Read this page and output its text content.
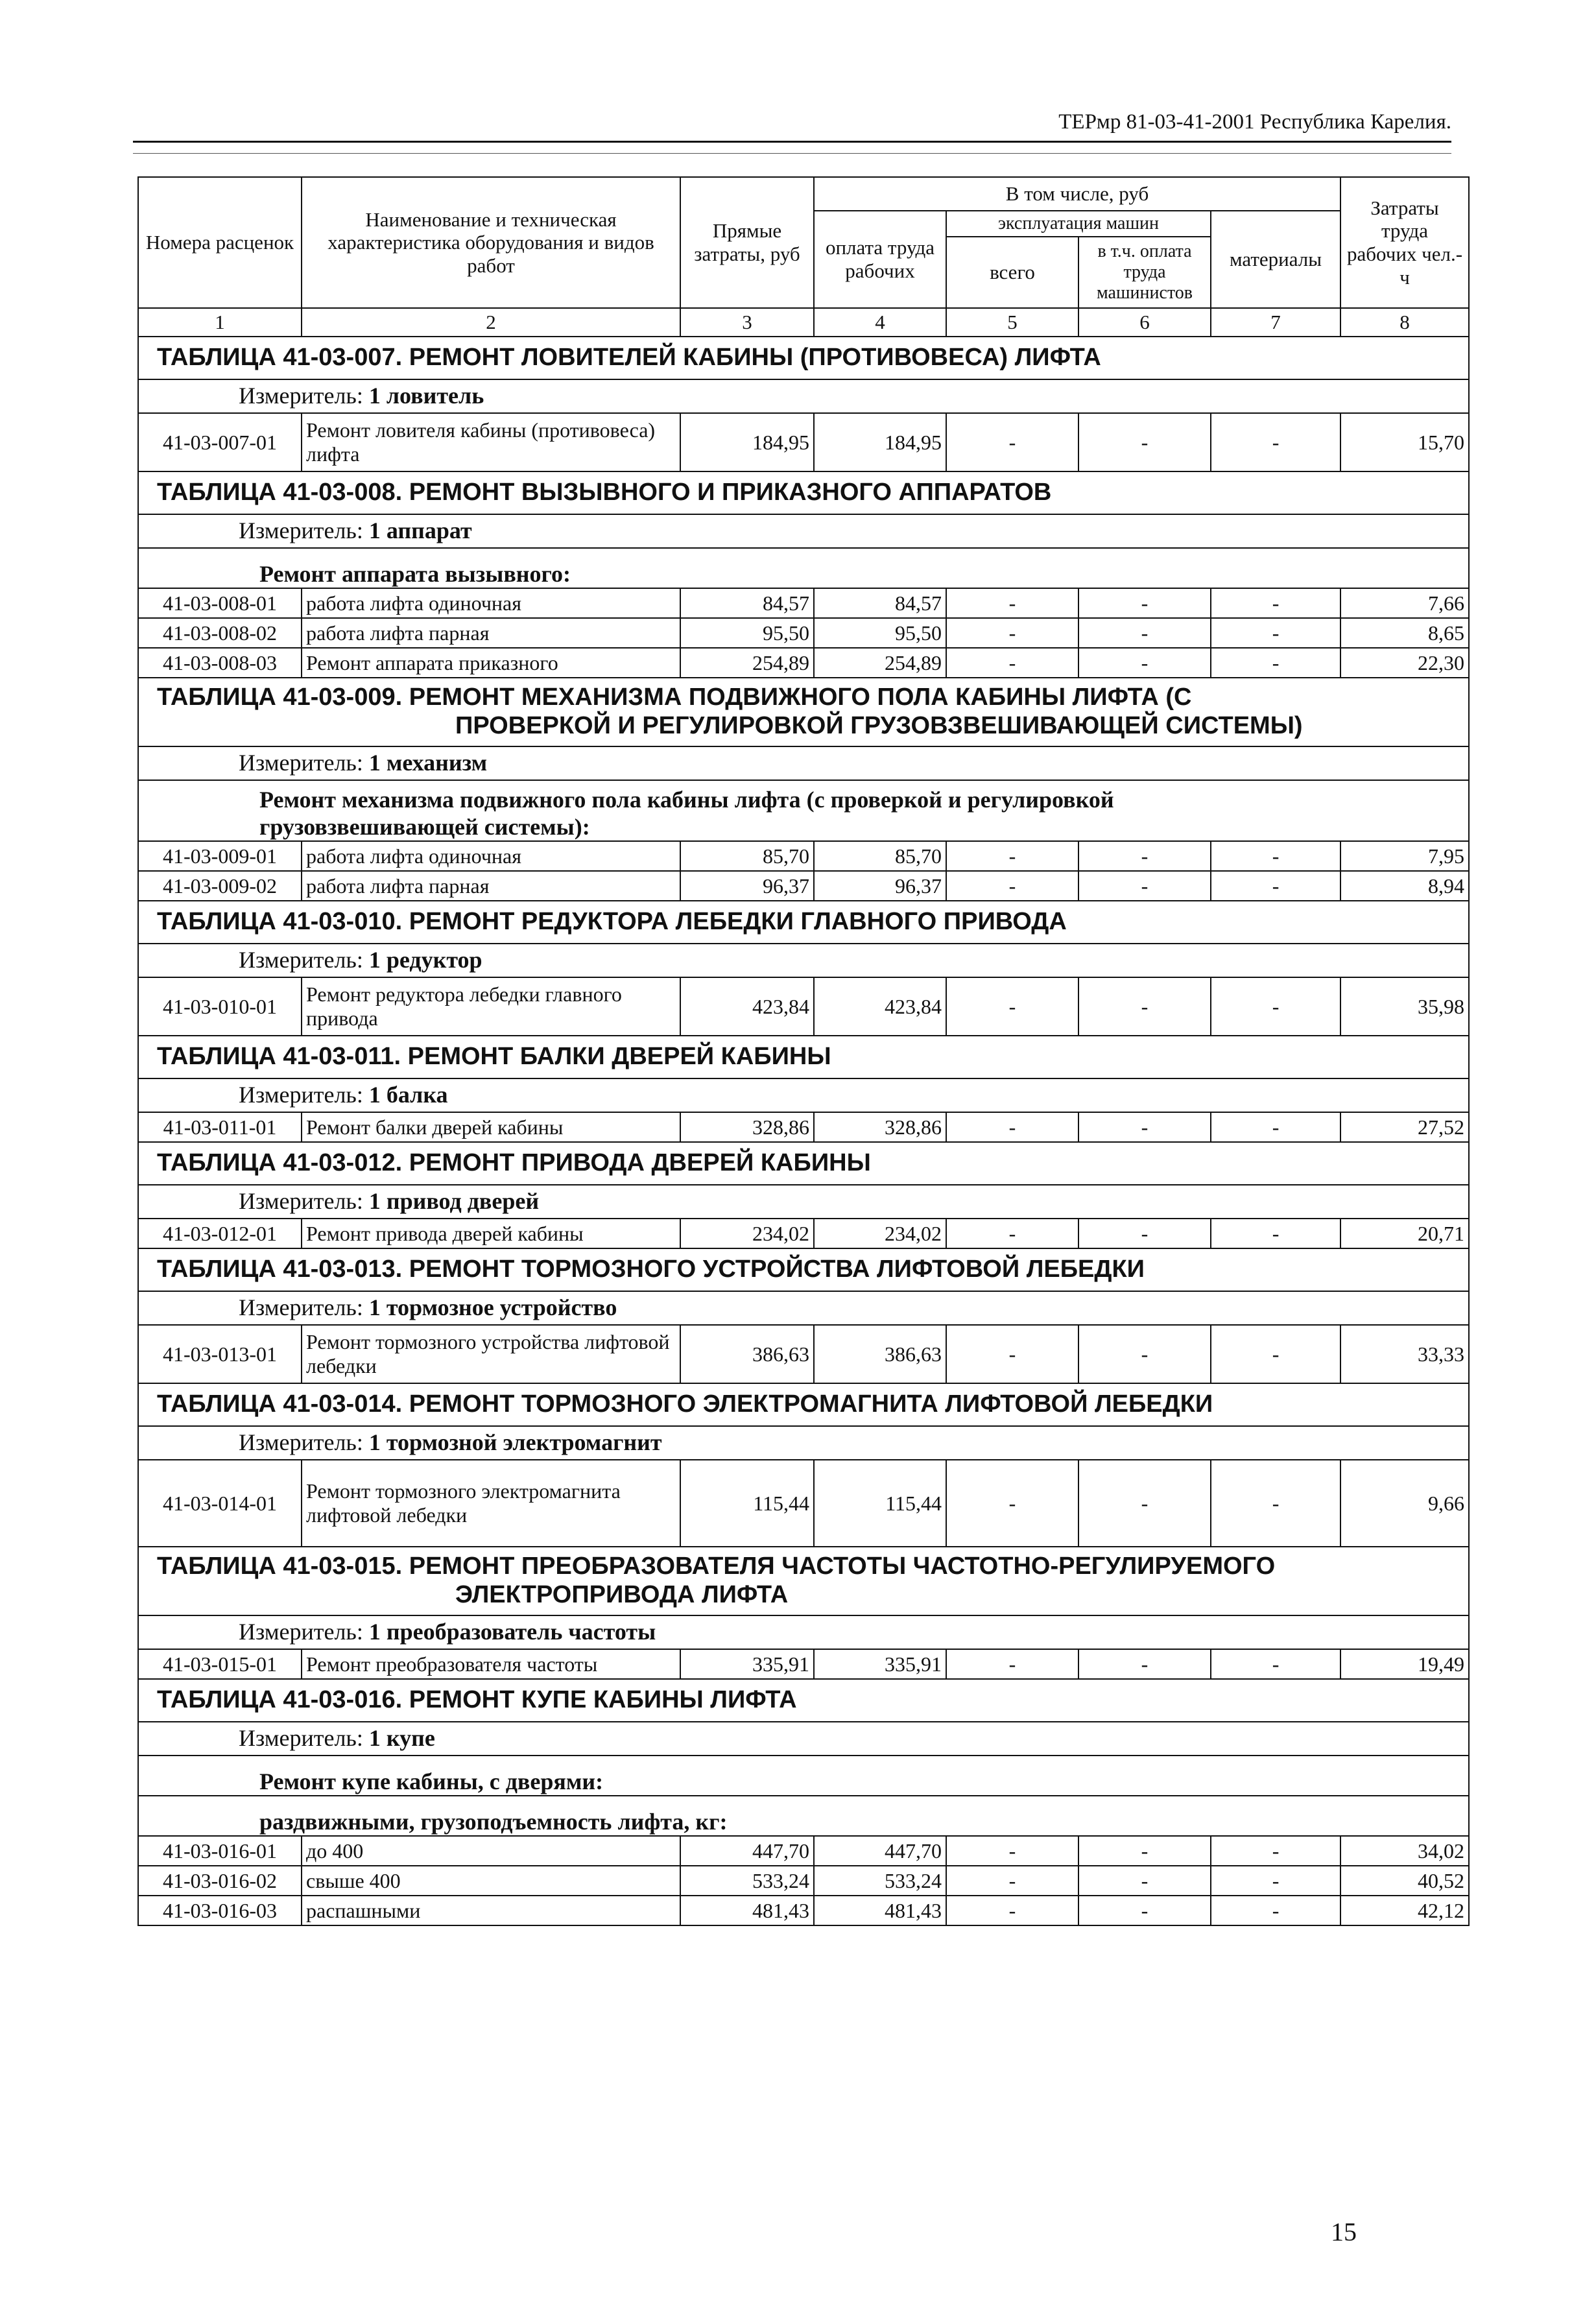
ТЕРмр 81-03-41-2001 Республика Карелия.
Номера расценок	Наименование и техническая характеристика оборудования и видов работ	Прямые затраты, руб	В том числе, руб				Затраты труда рабочих чел.-ч
			оплата труда рабочих	эксплуатация машин		материалы	
				всего	в т.ч. оплата труда машинистов		
1	2	3	4	5	6	7	8
ТАБЛИЦА 41-03-007. РЕМОНТ ЛОВИТЕЛЕЙ КАБИНЫ (ПРОТИВОВЕСА) ЛИФТА							
Измеритель: 1 ловитель							
41-03-007-01	Ремонт ловителя кабины (противовеса) лифта	184,95	184,95	-	-	-	15,70
ТАБЛИЦА 41-03-008. РЕМОНТ ВЫЗЫВНОГО И ПРИКАЗНОГО АППАРАТОВ							
Измеритель: 1 аппарат							
Ремонт аппарата вызывного:							
41-03-008-01	работа лифта одиночная	84,57	84,57	-	-	-	7,66
41-03-008-02	работа лифта парная	95,50	95,50	-	-	-	8,65
41-03-008-03	Ремонт аппарата приказного	254,89	254,89	-	-	-	22,30
ТАБЛИЦА 41-03-009. РЕМОНТ МЕХАНИЗМА ПОДВИЖНОГО ПОЛА КАБИНЫ ЛИФТА (С
ПРОВЕРКОЙ И РЕГУЛИРОВКОЙ ГРУЗОВЗВЕШИВАЮЩЕЙ СИСТЕМЫ)							

Измеритель: 1 механизм							
Ремонт механизма подвижного пола кабины лифта (с проверкой и регулировкой грузовзвешивающей системы):							
41-03-009-01	работа лифта одиночная	85,70	85,70	-	-	-	7,95
41-03-009-02	работа лифта парная	96,37	96,37	-	-	-	8,94
ТАБЛИЦА 41-03-010. РЕМОНТ РЕДУКТОРА ЛЕБЕДКИ ГЛАВНОГО ПРИВОДА							
Измеритель: 1 редуктор							
41-03-010-01	Ремонт редуктора лебедки главного привода	423,84	423,84	-	-	-	35,98
ТАБЛИЦА 41-03-011. РЕМОНТ БАЛКИ ДВЕРЕЙ КАБИНЫ							
Измеритель: 1 балка							
41-03-011-01	Ремонт балки дверей кабины	328,86	328,86	-	-	-	27,52
ТАБЛИЦА 41-03-012. РЕМОНТ ПРИВОДА ДВЕРЕЙ КАБИНЫ							
Измеритель: 1 привод дверей							
41-03-012-01	Ремонт привода дверей кабины	234,02	234,02	-	-	-	20,71
ТАБЛИЦА 41-03-013. РЕМОНТ ТОРМОЗНОГО УСТРОЙСТВА ЛИФТОВОЙ ЛЕБЕДКИ							
Измеритель: 1 тормозное устройство							
41-03-013-01	Ремонт тормозного устройства лифтовой лебедки	386,63	386,63	-	-	-	33,33
ТАБЛИЦА 41-03-014. РЕМОНТ ТОРМОЗНОГО ЭЛЕКТРОМАГНИТА ЛИФТОВОЙ ЛЕБЕДКИ							
Измеритель: 1 тормозной электромагнит							
41-03-014-01	Ремонт тормозного электромагнита лифтовой лебедки	115,44	115,44	-	-	-	9,66
ТАБЛИЦА 41-03-015. РЕМОНТ ПРЕОБРАЗОВАТЕЛЯ ЧАСТОТЫ ЧАСТОТНО-РЕГУЛИРУЕМОГО
ЭЛЕКТРОПРИВОДА ЛИФТА							

Измеритель: 1 преобразователь частоты							
41-03-015-01	Ремонт преобразователя частоты	335,91	335,91	-	-	-	19,49
ТАБЛИЦА 41-03-016. РЕМОНТ КУПЕ КАБИНЫ ЛИФТА							
Измеритель: 1 купе							
Ремонт купе кабины, с дверями:							
раздвижными, грузоподъемность лифта, кг:							
41-03-016-01	до 400	447,70	447,70	-	-	-	34,02
41-03-016-02	свыше 400	533,24	533,24	-	-	-	40,52
41-03-016-03	распашными	481,43	481,43	-	-	-	42,12
15
